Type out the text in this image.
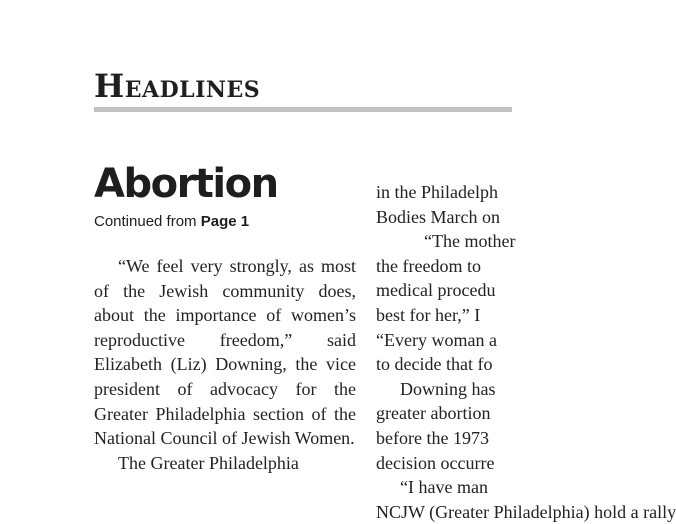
Headlines
Abortion
Continued from Page 1

“We feel very strongly, as most of the Jewish community does, about the importance of women’s reproductive freedom,” said Elizabeth (Liz) Downing, the vice president of advocacy for the Greater Philadelphia section of the National Council of Jewish Women.

The Greater Philadelphia

in the Philadelph
Bodies March on
“The mother
the freedom to
medical procedu
best for her,” I
“Every woman a
to decide that fo
Downing has
greater abortion
before the 1973
decision occurre
“I have man
NCJW (Greater Philadelphia) hold a rally
